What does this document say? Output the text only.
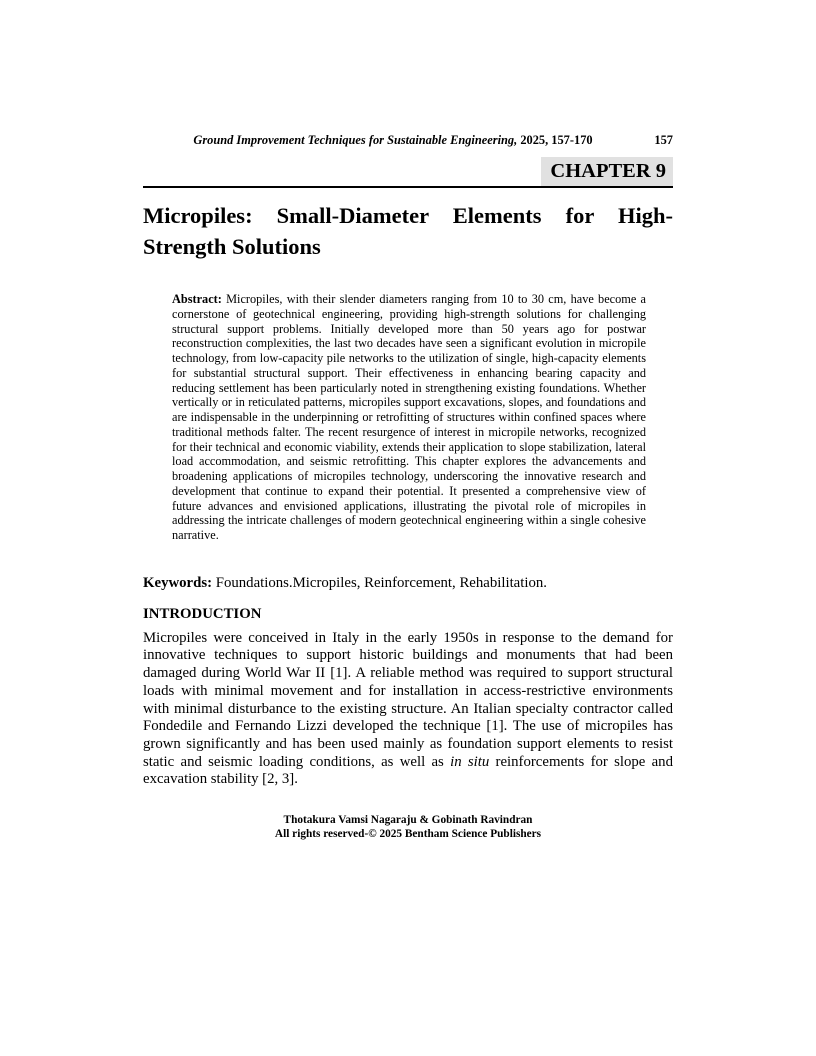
Ground Improvement Techniques for Sustainable Engineering, 2025, 157-170	157
CHAPTER 9
Micropiles: Small-Diameter Elements for High-
Strength Solutions

Abstract: Micropiles, with their slender diameters ranging from 10 to 30 cm, have become a cornerstone of geotechnical engineering, providing high-strength solutions for challenging structural support problems. Initially developed more than 50 years ago for postwar reconstruction complexities, the last two decades have seen a significant evolution in micropile technology, from low-capacity pile networks to the utilization of single, high-capacity elements for substantial structural support. Their effectiveness in enhancing bearing capacity and reducing settlement has been particularly noted in strengthening existing foundations. Whether vertically or in reticulated patterns, micropiles support excavations, slopes, and foundations and are indispensable in the underpinning or retrofitting of structures within confined spaces where traditional methods falter. The recent resurgence of interest in micropile networks, recognized for their technical and economic viability, extends their application to slope stabilization, lateral load accommodation, and seismic retrofitting. This chapter explores the advancements and broadening applications of micropiles technology, underscoring the innovative research and development that continue to expand their potential. It presented a comprehensive view of future advances and envisioned applications, illustrating the pivotal role of micropiles in addressing the intricate challenges of modern geotechnical engineering within a single cohesive narrative.

Keywords: Foundations.Micropiles, Reinforcement, Rehabilitation.

INTRODUCTION

Micropiles were conceived in Italy in the early 1950s in response to the demand for innovative techniques to support historic buildings and monuments that had been damaged during World War II [1]. A reliable method was required to support structural loads with minimal movement and for installation in access-restrictive environments with minimal disturbance to the existing structure. An Italian specialty contractor called Fondedile and Fernando Lizzi developed the technique [1]. The use of micropiles has grown significantly and has been used mainly as foundation support elements to resist static and seismic loading conditions, as well as in situ reinforcements for slope and excavation stability [2, 3].

Thotakura Vamsi Nagaraju & Gobinath Ravindran
All rights reserved-© 2025 Bentham Science Publishers
